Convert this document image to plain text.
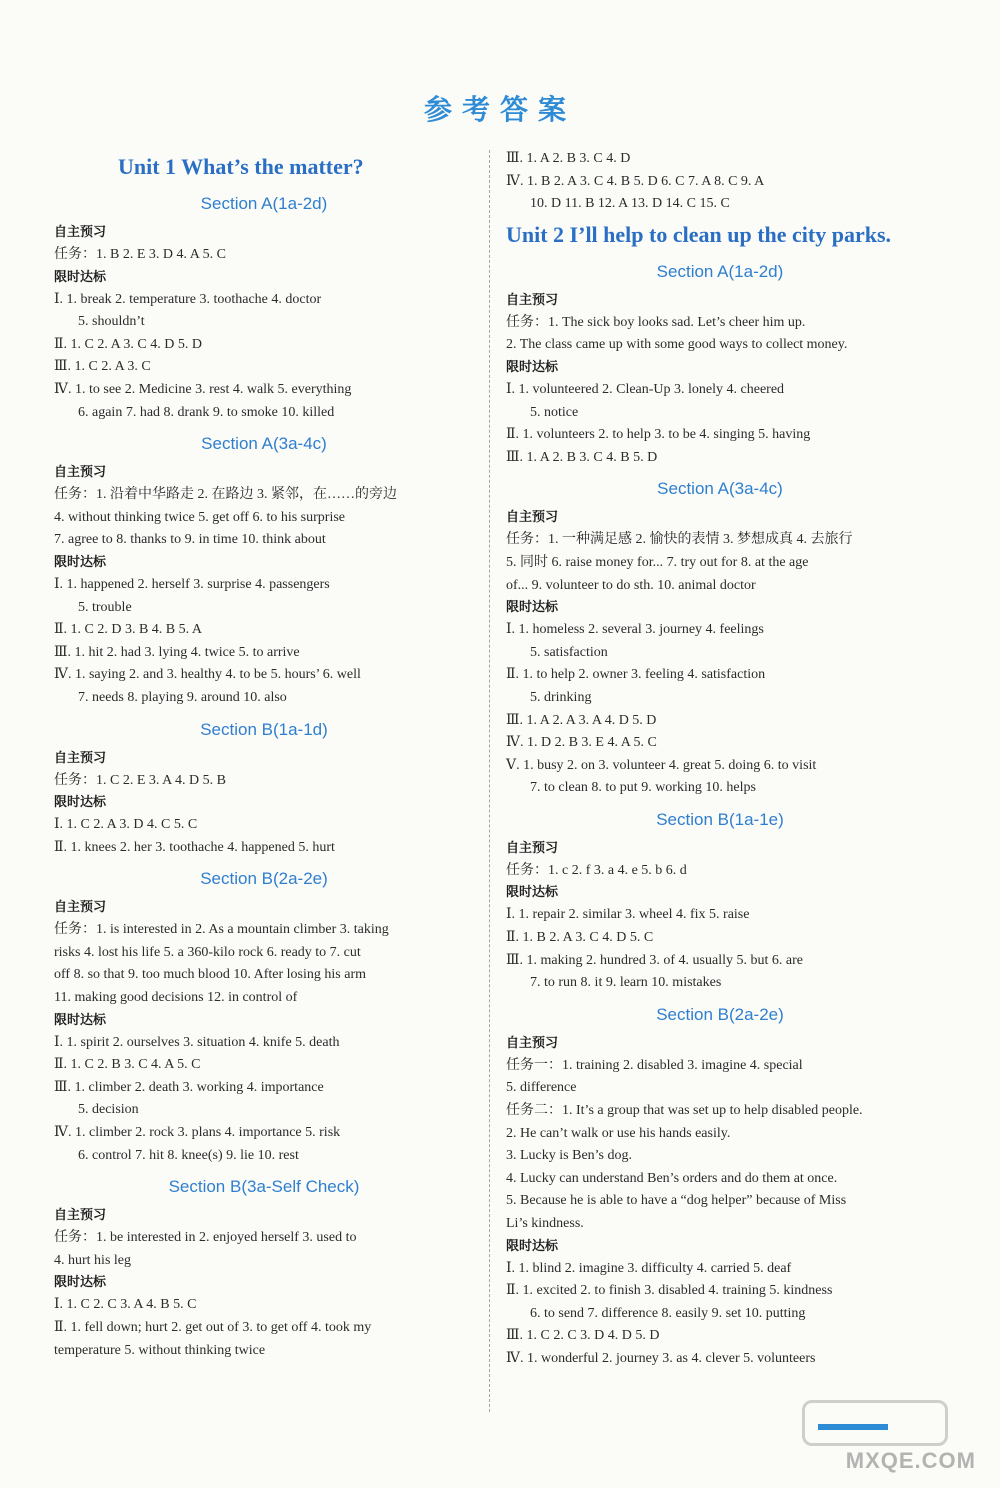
参考答案
Unit 1 What’s the matter?
Section A(1a-2d)
自主预习
任务：1. B 2. E 3. D 4. A 5. C
限时达标
Ⅰ. 1. break 2. temperature 3. toothache 4. doctor
5. shouldn’t
Ⅱ. 1. C 2. A 3. C 4. D 5. D
Ⅲ. 1. C 2. A 3. C
Ⅳ. 1. to see 2. Medicine 3. rest 4. walk 5. everything
6. again 7. had 8. drank 9. to smoke 10. killed
Section A(3a-4c)
自主预习
任务：1. 沿着中华路走 2. 在路边 3. 紧邻，在……的旁边
4. without thinking twice 5. get off 6. to his surprise
7. agree to 8. thanks to 9. in time 10. think about
限时达标
Ⅰ. 1. happened 2. herself 3. surprise 4. passengers
5. trouble
Ⅱ. 1. C 2. D 3. B 4. B 5. A
Ⅲ. 1. hit 2. had 3. lying 4. twice 5. to arrive
Ⅳ. 1. saying 2. and 3. healthy 4. to be 5. hours’ 6. well
7. needs 8. playing 9. around 10. also
Section B(1a-1d)
自主预习
任务：1. C 2. E 3. A 4. D 5. B
限时达标
Ⅰ. 1. C 2. A 3. D 4. C 5. C
Ⅱ. 1. knees 2. her 3. toothache 4. happened 5. hurt
Section B(2a-2e)
自主预习
任务：1. is interested in 2. As a mountain climber 3. taking
risks 4. lost his life 5. a 360-kilo rock 6. ready to 7. cut
off 8. so that 9. too much blood 10. After losing his arm
11. making good decisions 12. in control of
限时达标
Ⅰ. 1. spirit 2. ourselves 3. situation 4. knife 5. death
Ⅱ. 1. C 2. B 3. C 4. A 5. C
Ⅲ. 1. climber 2. death 3. working 4. importance
5. decision
Ⅳ. 1. climber 2. rock 3. plans 4. importance 5. risk
6. control 7. hit 8. knee(s) 9. lie 10. rest
Section B(3a-Self Check)
自主预习
任务：1. be interested in 2. enjoyed herself 3. used to
4. hurt his leg
限时达标
Ⅰ. 1. C 2. C 3. A 4. B 5. C
Ⅱ. 1. fell down; hurt 2. get out of 3. to get off 4. took my
temperature 5. without thinking twice
Ⅲ. 1. A 2. B 3. C 4. D
Ⅳ. 1. B 2. A 3. C 4. B 5. D 6. C 7. A 8. C 9. A
10. D 11. B 12. A 13. D 14. C 15. C
Unit 2 I’ll help to clean up the city parks.
Section A(1a-2d)
自主预习
任务：1. The sick boy looks sad. Let’s cheer him up.
2. The class came up with some good ways to collect money.
限时达标
Ⅰ. 1. volunteered 2. Clean-Up 3. lonely 4. cheered
5. notice
Ⅱ. 1. volunteers 2. to help 3. to be 4. singing 5. having
Ⅲ. 1. A 2. B 3. C 4. B 5. D
Section A(3a-4c)
自主预习
任务：1. 一种满足感 2. 愉快的表情 3. 梦想成真 4. 去旅行
5. 同时 6. raise money for... 7. try out for 8. at the age
of... 9. volunteer to do sth. 10. animal doctor
限时达标
Ⅰ. 1. homeless 2. several 3. journey 4. feelings
5. satisfaction
Ⅱ. 1. to help 2. owner 3. feeling 4. satisfaction
5. drinking
Ⅲ. 1. A 2. A 3. A 4. D 5. D
Ⅳ. 1. D 2. B 3. E 4. A 5. C
Ⅴ. 1. busy 2. on 3. volunteer 4. great 5. doing 6. to visit
7. to clean 8. to put 9. working 10. helps
Section B(1a-1e)
自主预习
任务：1. c 2. f 3. a 4. e 5. b 6. d
限时达标
Ⅰ. 1. repair 2. similar 3. wheel 4. fix 5. raise
Ⅱ. 1. B 2. A 3. C 4. D 5. C
Ⅲ. 1. making 2. hundred 3. of 4. usually 5. but 6. are
7. to run 8. it 9. learn 10. mistakes
Section B(2a-2e)
自主预习
任务一：1. training 2. disabled 3. imagine 4. special
5. difference
任务二：1. It’s a group that was set up to help disabled people.
2. He can’t walk or use his hands easily.
3. Lucky is Ben’s dog.
4. Lucky can understand Ben’s orders and do them at once.
5. Because he is able to have a “dog helper” because of Miss
Li’s kindness.
限时达标
Ⅰ. 1. blind 2. imagine 3. difficulty 4. carried 5. deaf
Ⅱ. 1. excited 2. to finish 3. disabled 4. training 5. kindness
6. to send 7. difference 8. easily 9. set 10. putting
Ⅲ. 1. C 2. C 3. D 4. D 5. D
Ⅳ. 1. wonderful 2. journey 3. as 4. clever 5. volunteers
MXQE.COM
